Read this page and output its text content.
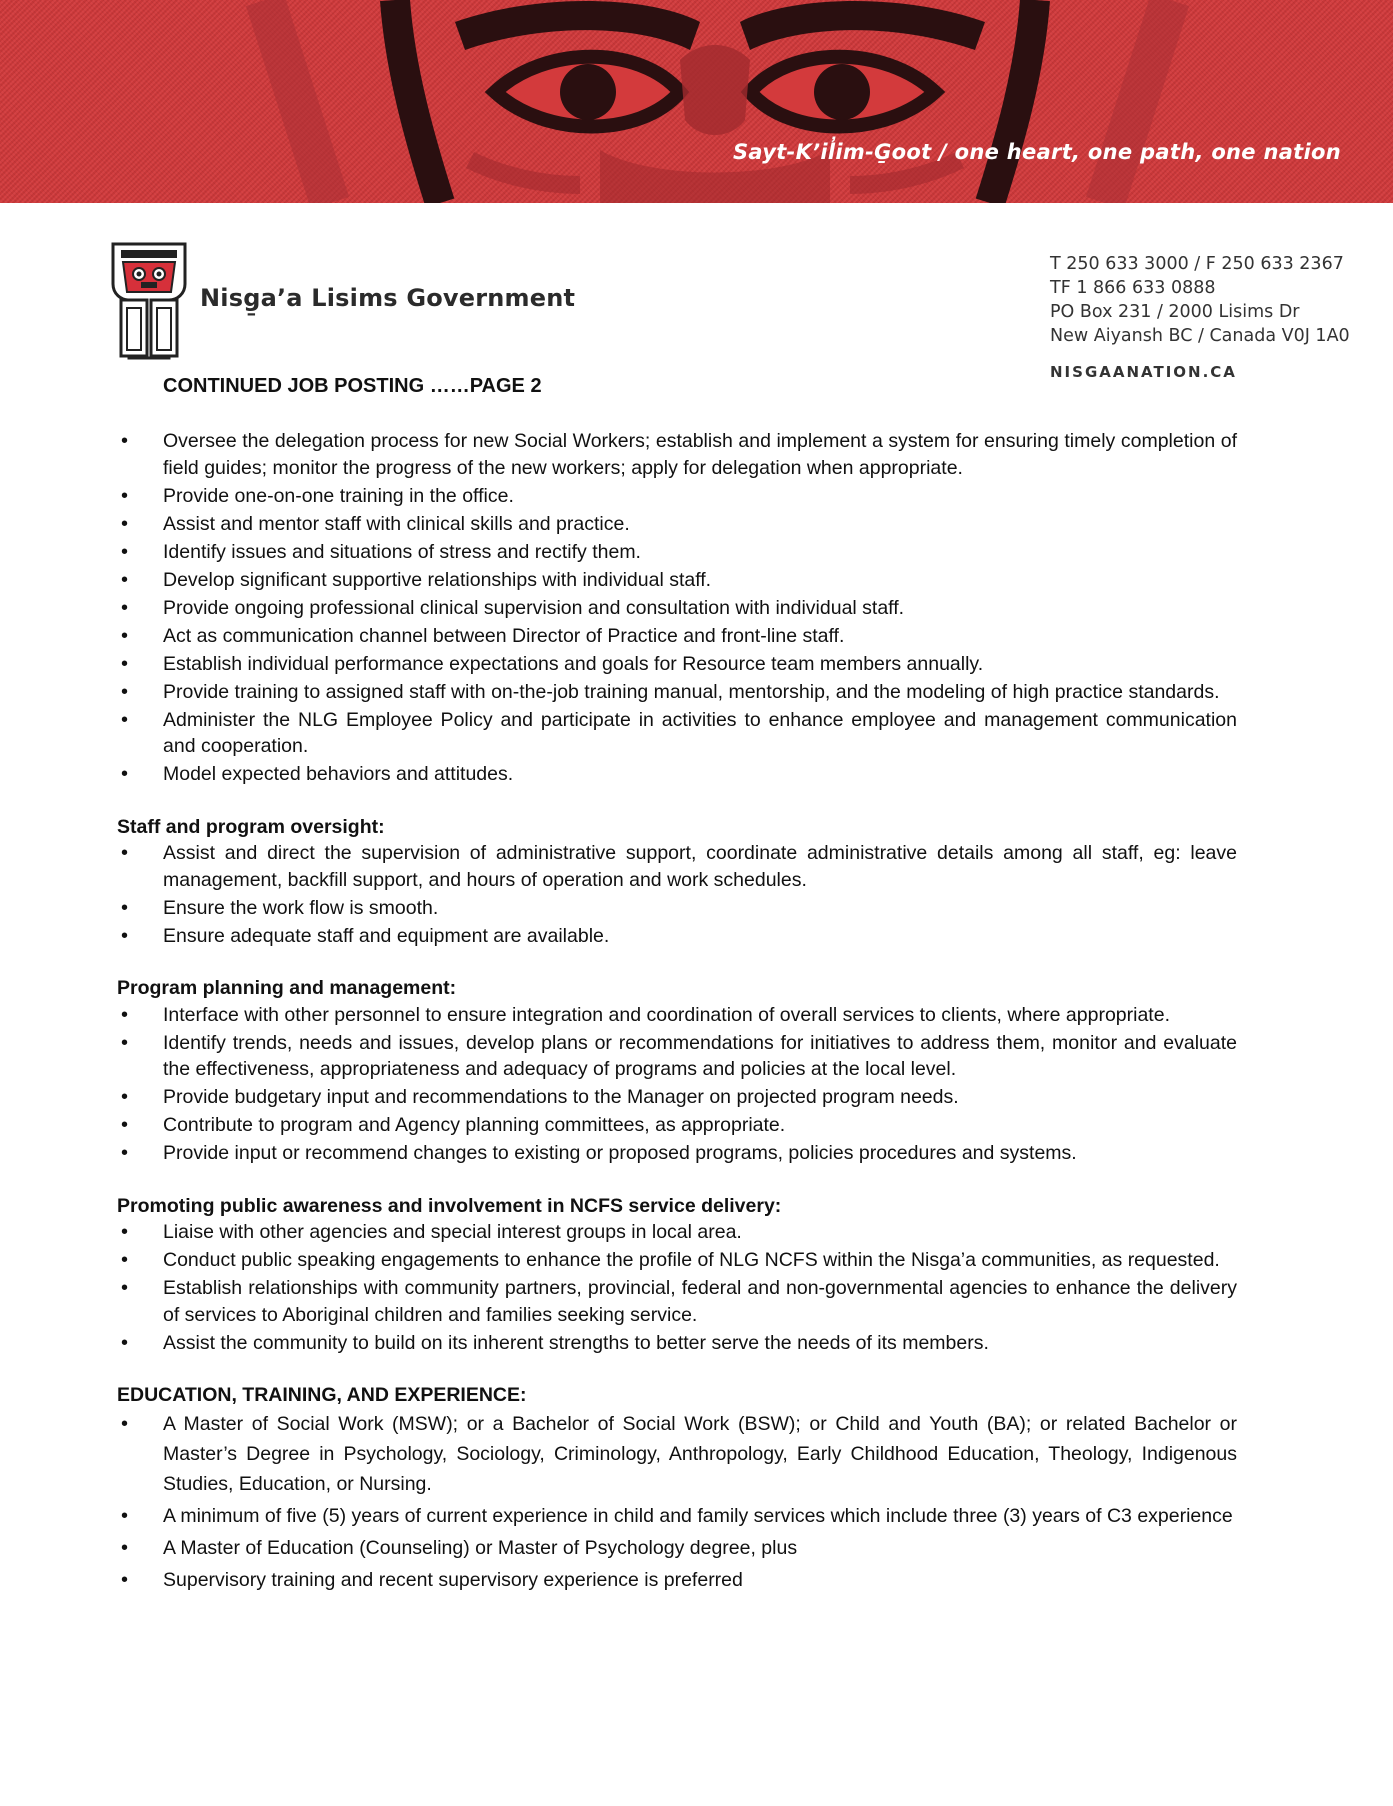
Sayt-K’il̓im-G̱oot / one heart, one path, one nation
Nisg̱a’a Lisims Government
T 250 633 3000 / F 250 633 2367
TF 1 866 633 0888
PO Box 231 / 2000 Lisims Dr
New Aiyansh BC / Canada V0J 1A0
NISGAANATION.CA
CONTINUED JOB POSTING ……PAGE 2
• Oversee the delegation process for new Social Workers; establish and implement a system for ensuring timely completion of field guides; monitor the progress of the new workers; apply for delegation when appropriate.
• Provide one-on-one training in the office.
• Assist and mentor staff with clinical skills and practice.
• Identify issues and situations of stress and rectify them.
• Develop significant supportive relationships with individual staff.
• Provide ongoing professional clinical supervision and consultation with individual staff.
• Act as communication channel between Director of Practice and front-line staff.
• Establish individual performance expectations and goals for Resource team members annually.
• Provide training to assigned staff with on-the-job training manual, mentorship, and the modeling of high practice standards.
• Administer the NLG Employee Policy and participate in activities to enhance employee and management communication and cooperation.
• Model expected behaviors and attitudes.
Staff and program oversight:
• Assist and direct the supervision of administrative support, coordinate administrative details among all staff, eg: leave management, backfill support, and hours of operation and work schedules.
• Ensure the work flow is smooth.
• Ensure adequate staff and equipment are available.
Program planning and management:
• Interface with other personnel to ensure integration and coordination of overall services to clients, where appropriate.
• Identify trends, needs and issues, develop plans or recommendations for initiatives to address them, monitor and evaluate the effectiveness, appropriateness and adequacy of programs and policies at the local level.
• Provide budgetary input and recommendations to the Manager on projected program needs.
• Contribute to program and Agency planning committees, as appropriate.
• Provide input or recommend changes to existing or proposed programs, policies procedures and systems.
Promoting public awareness and involvement in NCFS service delivery:
• Liaise with other agencies and special interest groups in local area.
• Conduct public speaking engagements to enhance the profile of NLG NCFS within the Nisga’a communities, as requested.
• Establish relationships with community partners, provincial, federal and non-governmental agencies to enhance the delivery of services to Aboriginal children and families seeking service.
• Assist the community to build on its inherent strengths to better serve the needs of its members.
EDUCATION, TRAINING, AND EXPERIENCE:
• A Master of Social Work (MSW); or a Bachelor of Social Work (BSW); or Child and Youth (BA); or related Bachelor or Master’s Degree in Psychology, Sociology, Criminology, Anthropology, Early Childhood Education, Theology, Indigenous Studies, Education, or Nursing.
• A minimum of five (5) years of current experience in child and family services which include three (3) years of C3 experience
• A Master of Education (Counseling) or Master of Psychology degree, plus
• Supervisory training and recent supervisory experience is preferred
